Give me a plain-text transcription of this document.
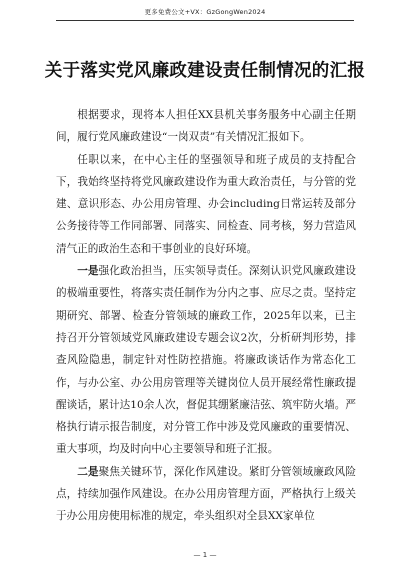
更多免费公文+VX：GzGongWen2024
关于落实党风廉政建设责任制情况的汇报

根据要求，现将本人担任XX县机关事务服务中心副主任期间，履行党风廉政建设“一岗双责”有关情况汇报如下。

任职以来，在中心主任的坚强领导和班子成员的支持配合下，我始终坚持将党风廉政建设作为重大政治责任，与分管的党建、意识形态、办公用房管理、办会including日常运转及部分公务接待等工作同部署、同落实、同检查、同考核，努力营造风清气正的政治生态和干事创业的良好环境。

一是强化政治担当，压实领导责任。深刻认识党风廉政建设的极端重要性，将落实责任制作为分内之事、应尽之责。坚持定期研究、部署、检查分管领域的廉政工作，2025年以来，已主持召开分管领域党风廉政建设专题会议2次，分析研判形势，排查风险隐患，制定针对性防控措施。将廉政谈话作为常态化工作，与办公室、办公用房管理等关键岗位人员开展经常性廉政提醒谈话，累计达10余人次，督促其绷紧廉洁弦、筑牢防火墙。严格执行请示报告制度，对分管工作中涉及党风廉政的重要情况、重大事项，均及时向中心主要领导和班子汇报。

二是聚焦关键环节，深化作风建设。紧盯分管领域廉政风险点，持续加强作风建设。在办公用房管理方面，严格执行上级关于办公用房使用标准的规定，牵头组织对全县XX家单位

— 1 —
